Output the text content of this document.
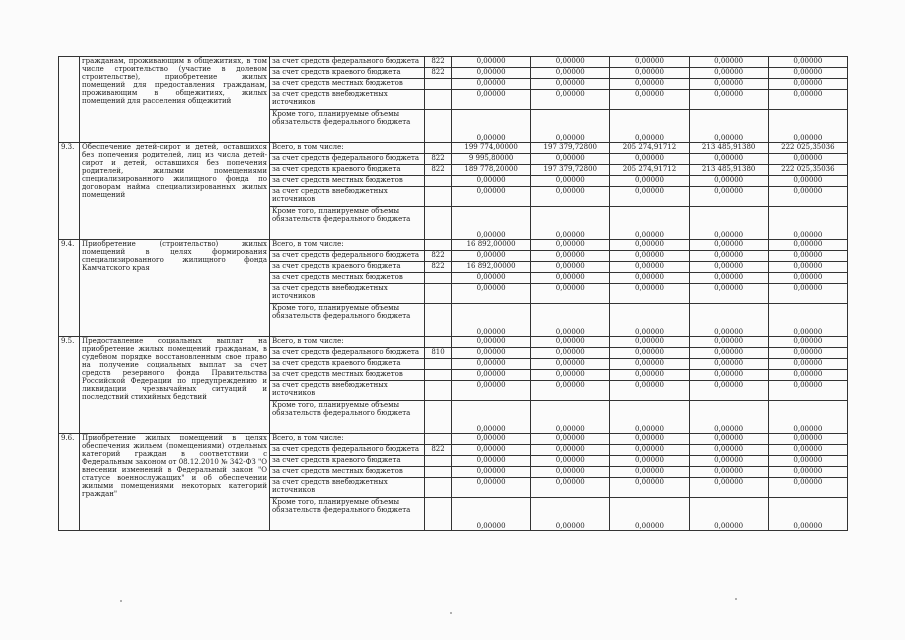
	гражданам, проживающим в общежитиях, в том числе строительство (участие в долевом строительстве), приобретение жилых помещений для предоставления гражданам, проживающим в общежитиях, жилых помещений для расселения общежитий	за счет средств федерального бюджета	822	0,00000	0,00000	0,00000	0,00000	0,00000
		за счет средств краевого бюджета	822	0,00000	0,00000	0,00000	0,00000	0,00000
		за счет средств местных бюджетов		0,00000	0,00000	0,00000	0,00000	0,00000
		за счет средств внебюджетных источников		0,00000	0,00000	0,00000	0,00000	0,00000
		Кроме того, планируемые объемы обязательств федерального бюджета		0,00000	0,00000	0,00000	0,00000	0,00000
9.3.	Обеспечение детей-сирот и детей, оставшихся без попечения родителей, лиц из числа детей-сирот и детей, оставшихся без попечения родителей, жилыми помещениями специализированного жилищного фонда по договорам найма специализированных жилых помещений	Всего, в том числе:		199 774,00000	197 379,72800	205 274,91712	213 485,91380	222 025,35036
		за счет средств федерального бюджета	822	9 995,80000	0,00000	0,00000	0,00000	0,00000
		за счет средств краевого бюджета	822	189 778,20000	197 379,72800	205 274,91712	213 485,91380	222 025,35036
		за счет средств местных бюджетов		0,00000	0,00000	0,00000	0,00000	0,00000
		за счет средств внебюджетных источников		0,00000	0,00000	0,00000	0,00000	0,00000
		Кроме того, планируемые объемы обязательств федерального бюджета		0,00000	0,00000	0,00000	0,00000	0,00000
9.4.	Приобретение (строительство) жилых помещений в целях формирования специализированного жилищного фонда Камчатского края	Всего, в том числе:		16 892,00000	0,00000	0,00000	0,00000	0,00000
		за счет средств федерального бюджета	822	0,00000	0,00000	0,00000	0,00000	0,00000
		за счет средств краевого бюджета	822	16 892,00000	0,00000	0,00000	0,00000	0,00000
		за счет средств местных бюджетов		0,00000	0,00000	0,00000	0,00000	0,00000
		за счет средств внебюджетных источников		0,00000	0,00000	0,00000	0,00000	0,00000
		Кроме того, планируемые объемы обязательств федерального бюджета		0,00000	0,00000	0,00000	0,00000	0,00000
9.5.	Предоставление социальных выплат на приобретение жилых помещений гражданам, в судебном порядке восстановленным свое право на получение социальных выплат за счет средств резервного фонда Правительства Российской Федерации по предупреждению и ликвидации чрезвычайных ситуаций и последствий стихийных бедствий	Всего, в том числе:		0,00000	0,00000	0,00000	0,00000	0,00000
		за счет средств федерального бюджета	810	0,00000	0,00000	0,00000	0,00000	0,00000
		за счет средств краевого бюджета		0,00000	0,00000	0,00000	0,00000	0,00000
		за счет средств местных бюджетов		0,00000	0,00000	0,00000	0,00000	0,00000
		за счет средств внебюджетных источников		0,00000	0,00000	0,00000	0,00000	0,00000
		Кроме того, планируемые объемы обязательств федерального бюджета		0,00000	0,00000	0,00000	0,00000	0,00000
9.6.	Приобретение жилых помещений в целях обеспечения жильем (помещениями) отдельных категорий граждан в соответствии с Федеральным законом от 08.12.2010 № 342-ФЗ "О внесении изменений в Федеральный закон "О статусе военнослужащих" и об обеспечении жилыми помещениями некоторых категорий граждан"	Всего, в том числе:		0,00000	0,00000	0,00000	0,00000	0,00000
		за счет средств федерального бюджета	822	0,00000	0,00000	0,00000	0,00000	0,00000
		за счет средств краевого бюджета		0,00000	0,00000	0,00000	0,00000	0,00000
		за счет средств местных бюджетов		0,00000	0,00000	0,00000	0,00000	0,00000
		за счет средств внебюджетных источников		0,00000	0,00000	0,00000	0,00000	0,00000
		Кроме того, планируемые объемы обязательств федерального бюджета		0,00000	0,00000	0,00000	0,00000	0,00000
